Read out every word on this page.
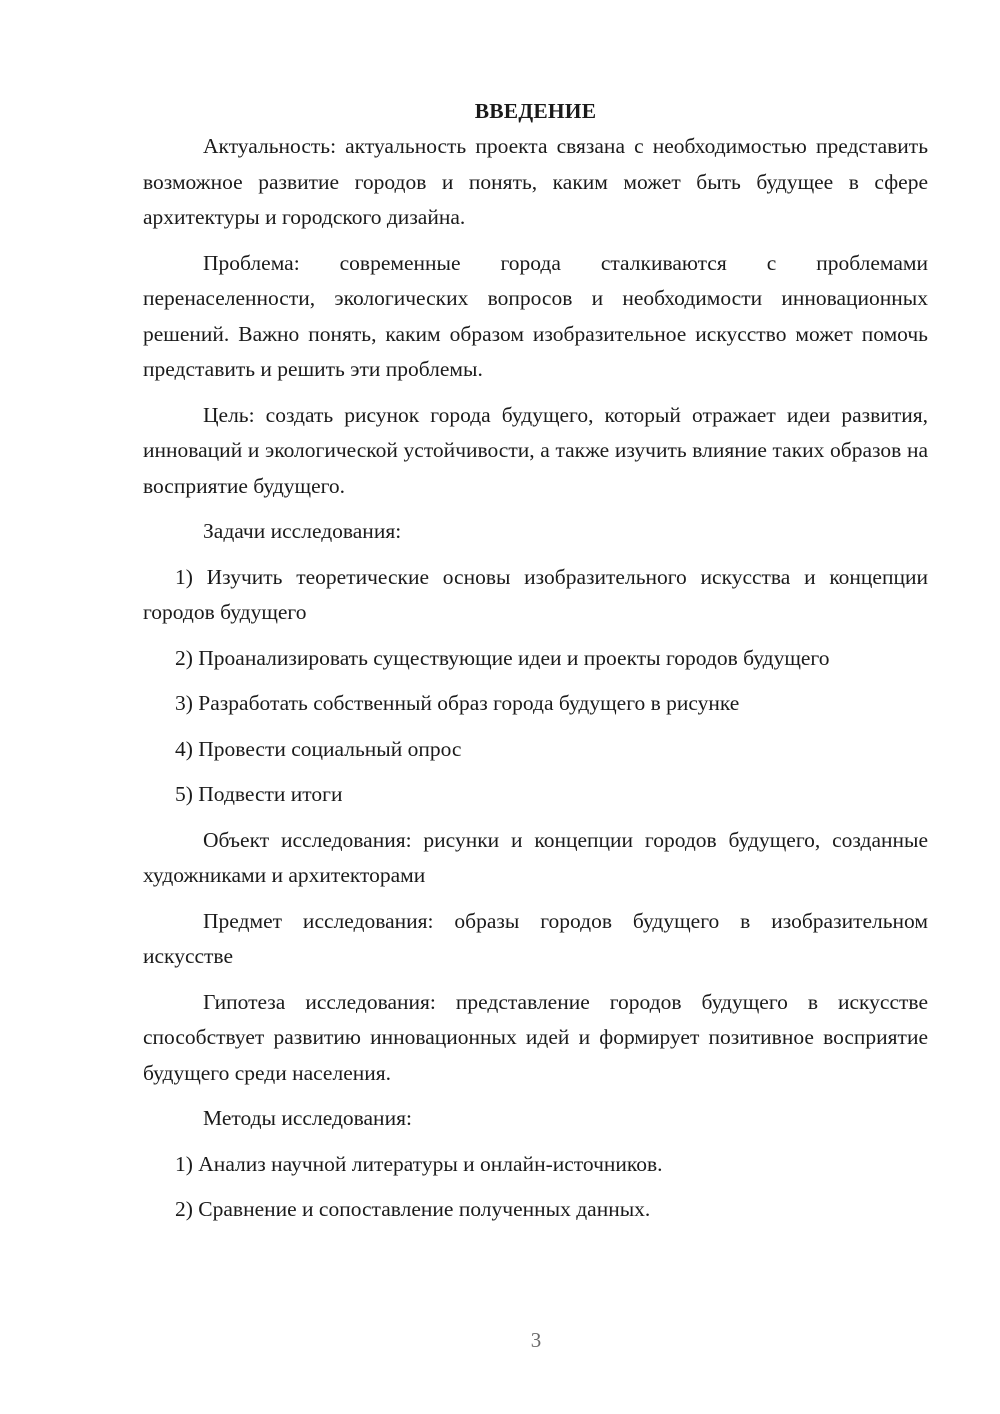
ВВЕДЕНИЕ
Актуальность: актуальность проекта связана с необходимостью представить возможное развитие городов и понять, каким может быть будущее в сфере архитектуры и городского дизайна.
Проблема: современные города сталкиваются с проблемами перенаселенности, экологических вопросов и необходимости инновационных решений. Важно понять, каким образом изобразительное искусство может помочь представить и решить эти проблемы.
Цель: создать рисунок города будущего, который отражает идеи развития, инноваций и экологической устойчивости, а также изучить влияние таких образов на восприятие будущего.
Задачи исследования:
1) Изучить теоретические основы изобразительного искусства и концепции городов будущего
2) Проанализировать существующие идеи и проекты городов будущего
3) Разработать собственный образ города будущего в рисунке
4) Провести социальный опрос
5) Подвести итоги
Объект исследования: рисунки и концепции городов будущего, созданные художниками и архитекторами
Предмет исследования: образы городов будущего в изобразительном искусстве
Гипотеза исследования: представление городов будущего в искусстве способствует развитию инновационных идей и формирует позитивное восприятие будущего среди населения.
Методы исследования:
1) Анализ научной литературы и онлайн-источников.
2) Сравнение и сопоставление полученных данных.
3
